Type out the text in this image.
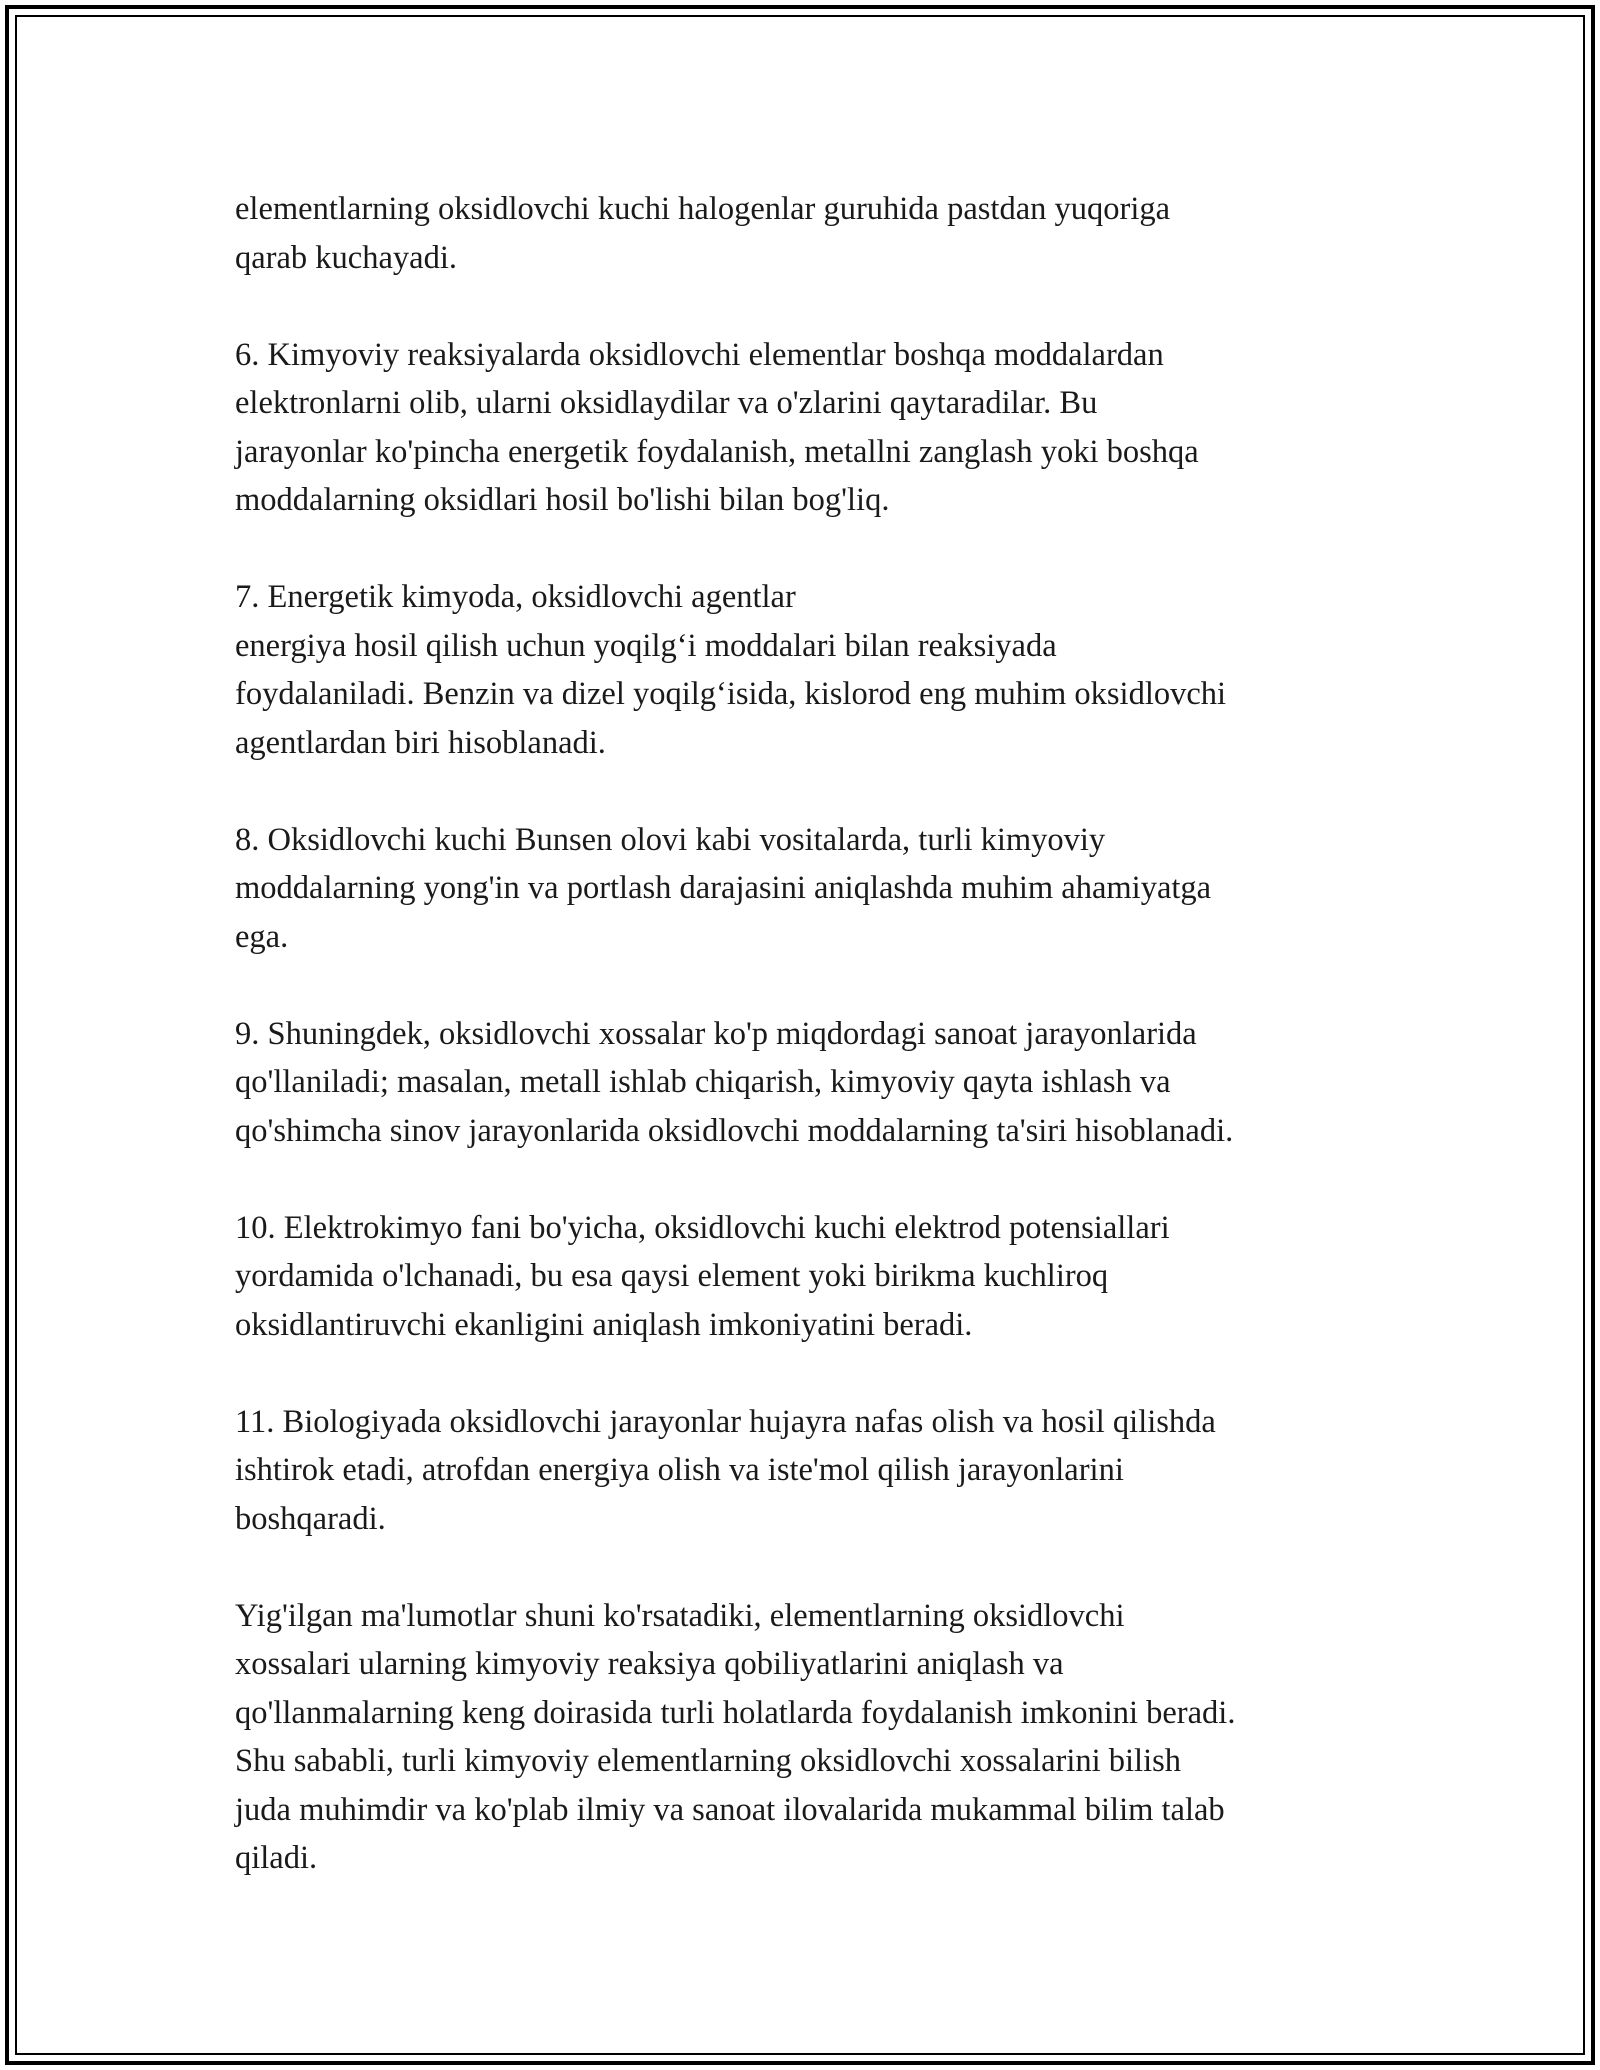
elementlarning oksidlovchi kuchi halogenlar guruhida pastdan yuqoriga
qarab kuchayadi.

6. Kimyoviy reaksiyalarda oksidlovchi elementlar boshqa moddalardan
elektronlarni olib, ularni oksidlaydilar va o'zlarini qaytaradilar. Bu
jarayonlar ko'pincha energetik foydalanish, metallni zanglash yoki boshqa
moddalarning oksidlari hosil bo'lishi bilan bog'liq.

7. Energetik kimyoda, oksidlovchi agentlar
energiya hosil qilish uchun yoqilg‘i moddalari bilan reaksiyada
foydalaniladi. Benzin va dizel yoqilg‘isida, kislorod eng muhim oksidlovchi
agentlardan biri hisoblanadi.

8. Oksidlovchi kuchi Bunsen olovi kabi vositalarda, turli kimyoviy
moddalarning yong'in va portlash darajasini aniqlashda muhim ahamiyatga
ega.

9. Shuningdek, oksidlovchi xossalar ko'p miqdordagi sanoat jarayonlarida
qo'llaniladi; masalan, metall ishlab chiqarish, kimyoviy qayta ishlash va
qo'shimcha sinov jarayonlarida oksidlovchi moddalarning ta'siri hisoblanadi.

10. Elektrokimyo fani bo'yicha, oksidlovchi kuchi elektrod potensiallari
yordamida o'lchanadi, bu esa qaysi element yoki birikma kuchliroq
oksidlantiruvchi ekanligini aniqlash imkoniyatini beradi.

11. Biologiyada oksidlovchi jarayonlar hujayra nafas olish va hosil qilishda
ishtirok etadi, atrofdan energiya olish va iste'mol qilish jarayonlarini
boshqaradi.

Yig'ilgan ma'lumotlar shuni ko'rsatadiki, elementlarning oksidlovchi
xossalari ularning kimyoviy reaksiya qobiliyatlarini aniqlash va
qo'llanmalarning keng doirasida turli holatlarda foydalanish imkonini beradi.
Shu sababli, turli kimyoviy elementlarning oksidlovchi xossalarini bilish
juda muhimdir va ko'plab ilmiy va sanoat ilovalarida mukammal bilim talab
qiladi.
